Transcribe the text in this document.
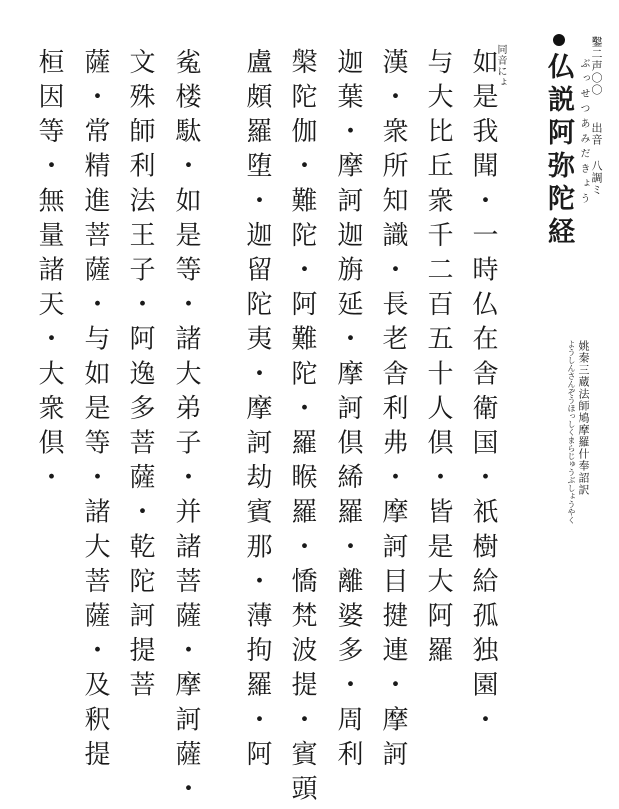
鑿二声〇〇
出音 八調ミ
仏説阿弥陀経 ぶっせつあみだきょう
姚秦三蔵法師鳩摩羅什奉詔訳
ようしんさんぞうほっしくまらじゅうぶしょうやく
同音にょ
如是我聞・一時仏在舎衛国・祇樹給孤独園・
与大比丘衆千二百五十人倶・皆是大阿羅
漢・衆所知識・長老舎利弗・摩訶目揵連・摩訶
迦葉・摩訶迦旃延・摩訶倶絺羅・離婆多・周利
槃陀伽・難陀・阿難陀・羅睺羅・憍梵波提・賓頭
盧頗羅堕・迦留陀夷・摩訶劫賓那・薄拘羅・阿
㝹楼駄・如是等・諸大弟子・并諸菩薩・摩訶薩・
文殊師利法王子・阿逸多菩薩・乾陀訶提菩
薩・常精進菩薩・与如是等・諸大菩薩・及釈提
桓因等・無量諸天・大衆倶・
